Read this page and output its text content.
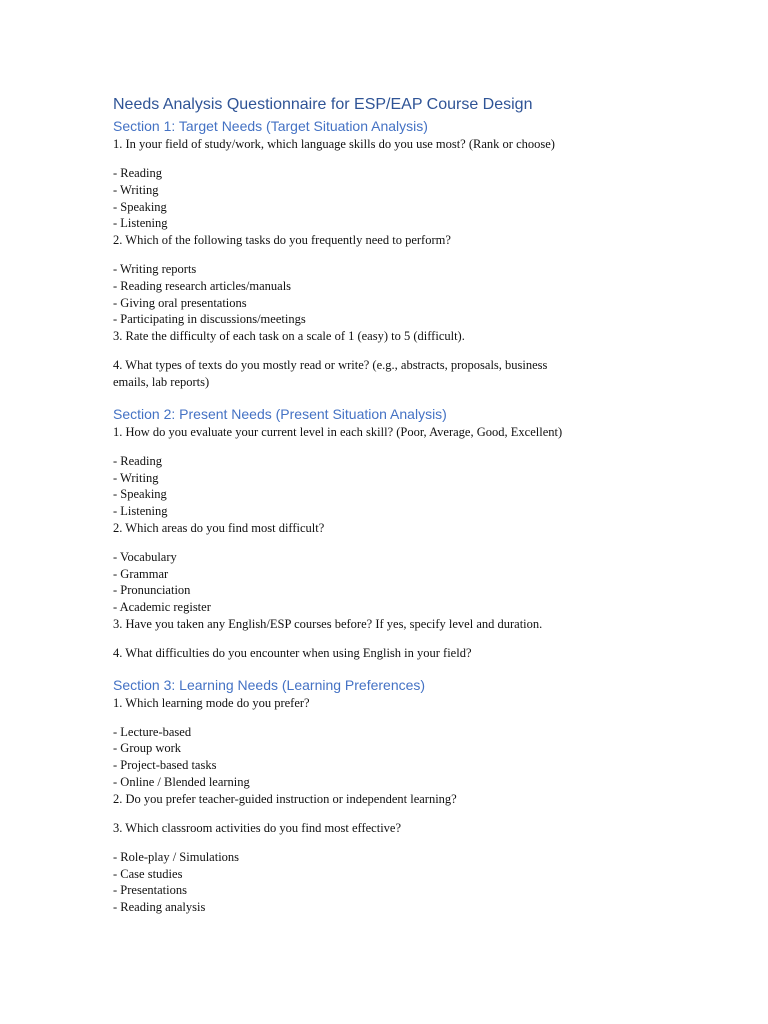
Needs Analysis Questionnaire for ESP/EAP Course Design
Section 1: Target Needs (Target Situation Analysis)

1. In your field of study/work, which language skills do you use most? (Rank or choose)

- Reading

- Writing

- Speaking

- Listening

2. Which of the following tasks do you frequently need to perform?

- Writing reports

- Reading research articles/manuals

- Giving oral presentations

- Participating in discussions/meetings

3. Rate the difficulty of each task on a scale of 1 (easy) to 5 (difficult).

4. What types of texts do you mostly read or write? (e.g., abstracts, proposals, business

emails, lab reports)

Section 2: Present Needs (Present Situation Analysis)

1. How do you evaluate your current level in each skill? (Poor, Average, Good, Excellent)

- Reading

- Writing

- Speaking

- Listening

2. Which areas do you find most difficult?

- Vocabulary

- Grammar

- Pronunciation

- Academic register

3. Have you taken any English/ESP courses before? If yes, specify level and duration.

4. What difficulties do you encounter when using English in your field?

Section 3: Learning Needs (Learning Preferences)

1. Which learning mode do you prefer?

- Lecture-based

- Group work

- Project-based tasks

- Online / Blended learning

2. Do you prefer teacher-guided instruction or independent learning?

3. Which classroom activities do you find most effective?

- Role-play / Simulations

- Case studies

- Presentations

- Reading analysis
